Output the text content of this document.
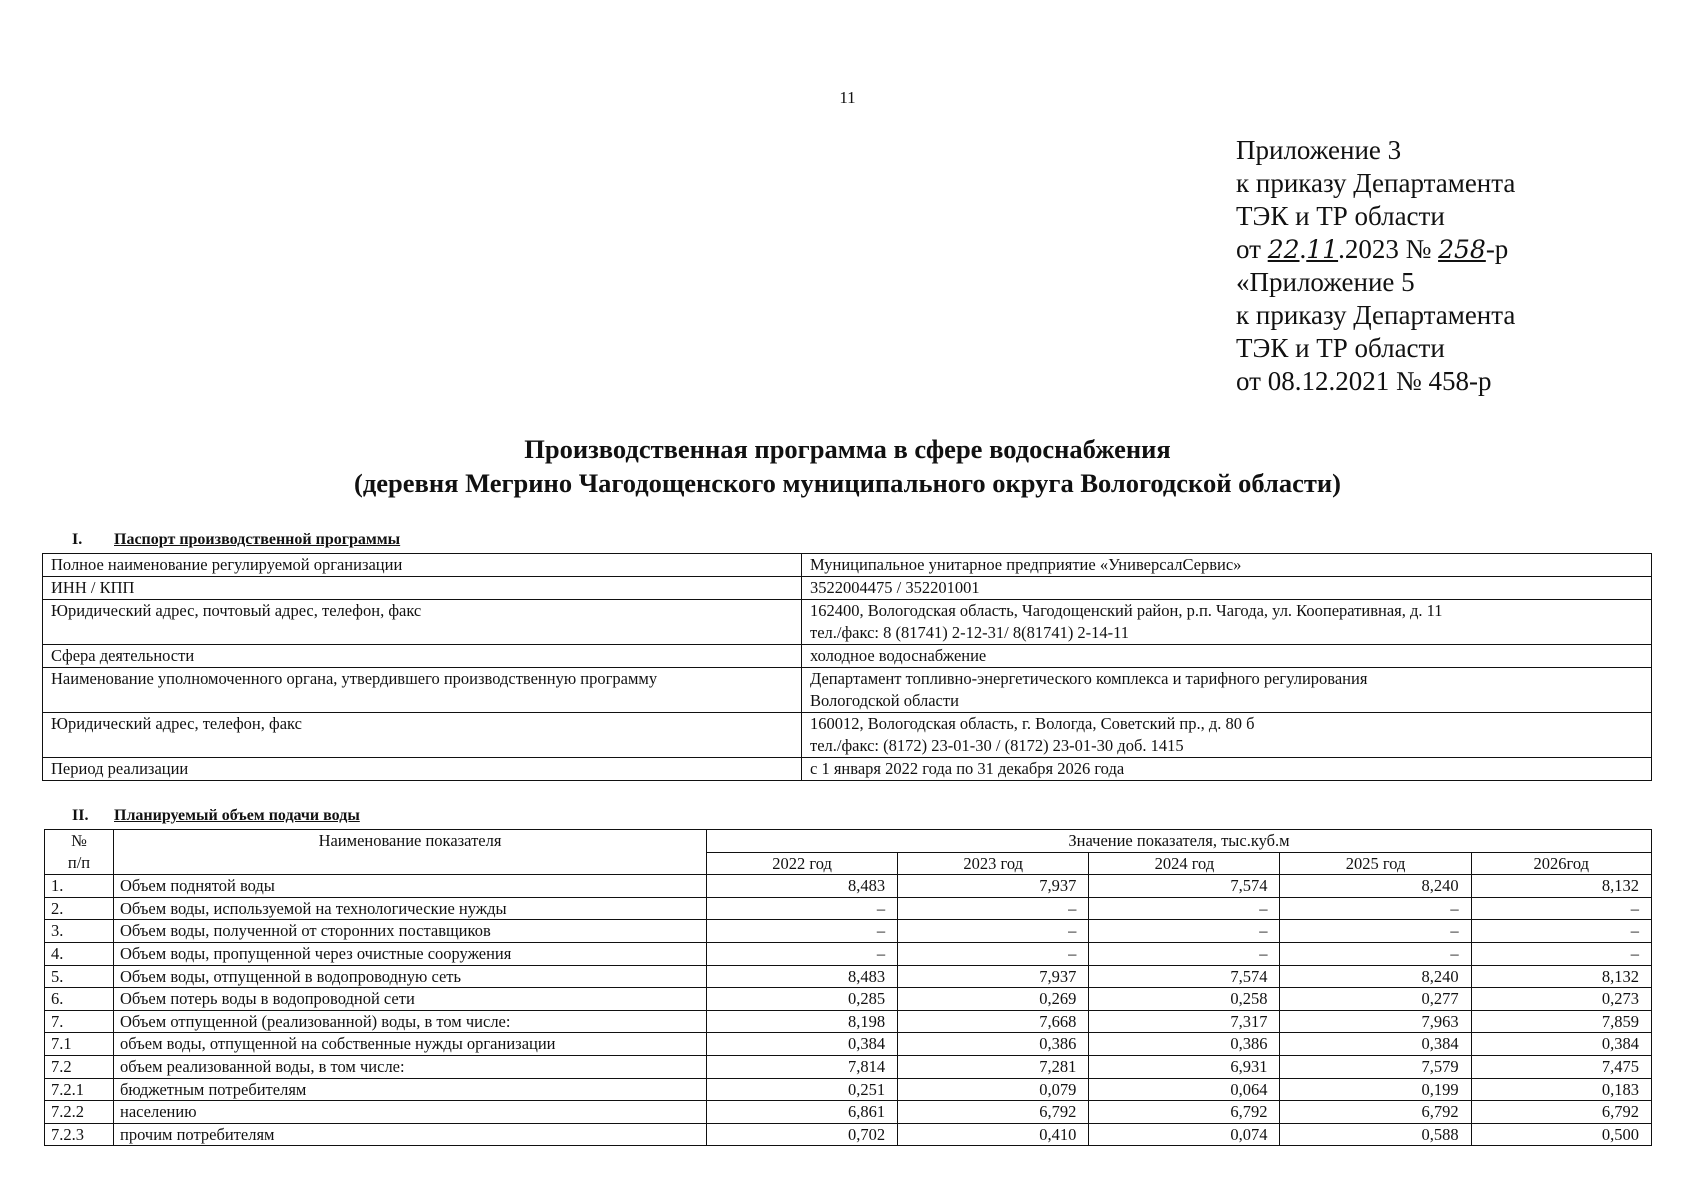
11
Приложение 3
к приказу Департамента
ТЭК и ТР области
от 22.11.2023 № 258-р
«Приложение 5
к приказу Департамента
ТЭК и ТР области
от 08.12.2021 № 458-р
Производственная программа в сфере водоснабжения
(деревня Мегрино Чагодощенского муниципального округа Вологодской области)
I. Паспорт производственной программы
Полное наименование регулируемой организации	Муниципальное унитарное предприятие «УниверсалСервис»

ИНН / КПП	3522004475 / 352201001

Юридический адрес, почтовый адрес, телефон, факс	162400, Вологодская область, Чагодощенский район, р.п. Чагода, ул. Кооперативная, д. 11
тел./факс: 8 (81741) 2-12-31/ 8(81741) 2-14-11

Сфера деятельности	холодное водоснабжение

Наименование уполномоченного органа, утвердившего производственную программу	Департамент топливно-энергетического комплекса и тарифного регулирования
Вологодской области

Юридический адрес, телефон, факс	160012, Вологодская область, г. Вологда, Советский пр., д. 80 б
тел./факс: (8172) 23-01-30 / (8172) 23-01-30 доб. 1415

Период реализации	с 1 января 2022 года по 31 декабря 2026 года
II. Планируемый объем подачи воды
№
п/п	Наименование показателя	Значение показателя, тыс.куб.м				
		2022 год	2023 год	2024 год	2025 год	2026год
1.	Объем поднятой воды	8,483	7,937	7,574	8,240	8,132
2.	Объем воды, используемой на технологические нужды	–	–	–	–	–
3.	Объем воды, полученной от сторонних поставщиков	–	–	–	–	–
4.	Объем воды, пропущенной через очистные сооружения	–	–	–	–	–
5.	Объем воды, отпущенной в водопроводную сеть	8,483	7,937	7,574	8,240	8,132
6.	Объем потерь воды в водопроводной сети	0,285	0,269	0,258	0,277	0,273
7.	Объем отпущенной (реализованной) воды, в том числе:	8,198	7,668	7,317	7,963	7,859
7.1	объем воды, отпущенной на собственные нужды организации	0,384	0,386	0,386	0,384	0,384
7.2	объем реализованной воды, в том числе:	7,814	7,281	6,931	7,579	7,475
7.2.1	бюджетным потребителям	0,251	0,079	0,064	0,199	0,183
7.2.2	населению	6,861	6,792	6,792	6,792	6,792
7.2.3	прочим потребителям	0,702	0,410	0,074	0,588	0,500
